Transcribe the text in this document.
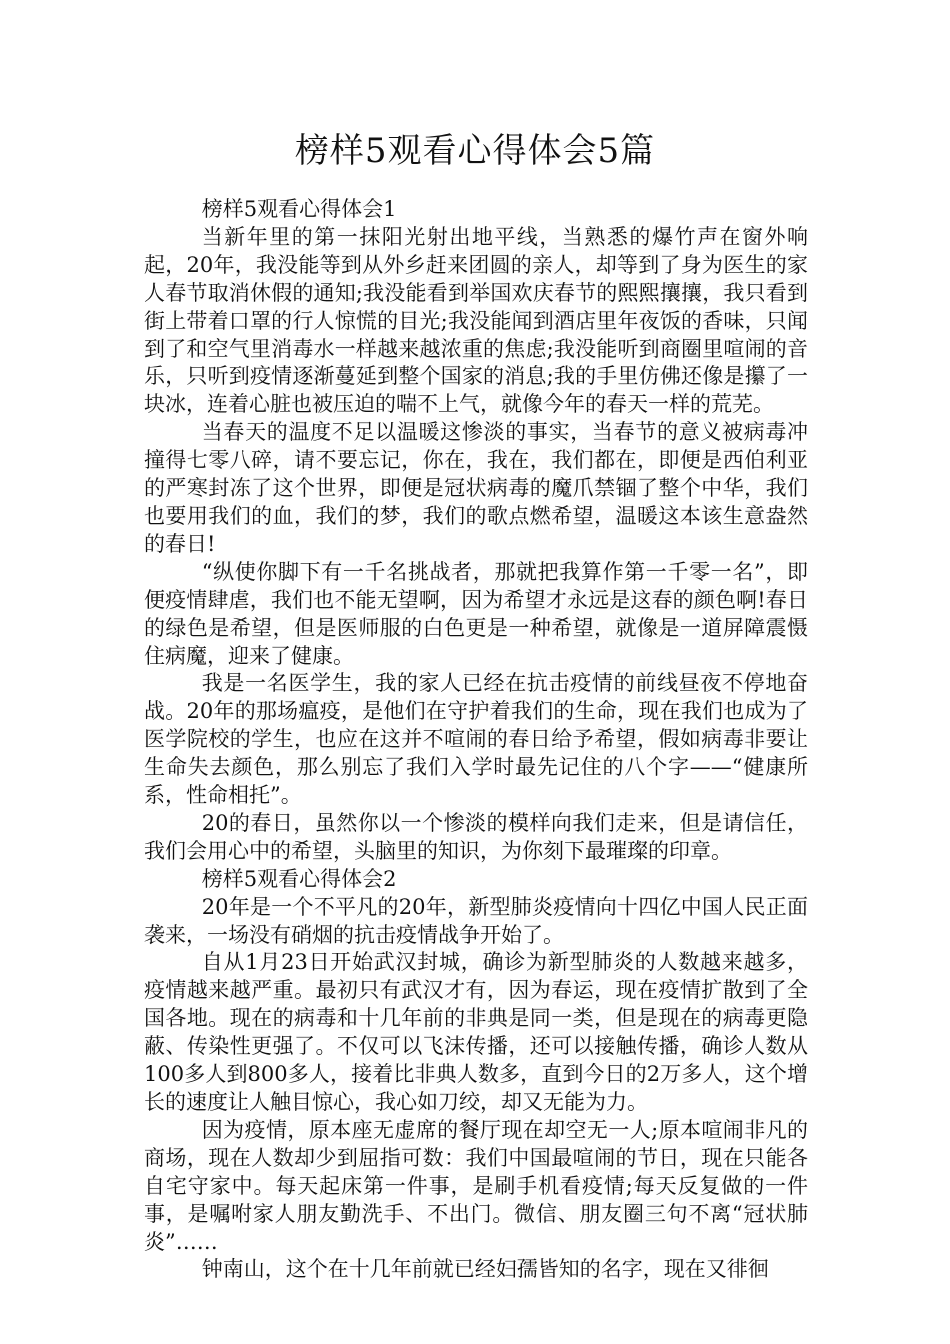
榜样5观看心得体会5篇

榜样5观看心得体会1

当新年里的第一抹阳光射出地平线，当熟悉的爆竹声在窗外响起，20年，我没能等到从外乡赶来团圆的亲人，却等到了身为医生的家人春节取消休假的通知;我没能看到举国欢庆春节的熙熙攘攘，我只看到街上带着口罩的行人惊慌的目光;我没能闻到酒店里年夜饭的香味，只闻到了和空气里消毒水一样越来越浓重的焦虑;我没能听到商圈里喧闹的音乐，只听到疫情逐渐蔓延到整个国家的消息;我的手里仿佛还像是攥了一块冰，连着心脏也被压迫的喘不上气，就像今年的春天一样的荒芜。

当春天的温度不足以温暖这惨淡的事实，当春节的意义被病毒冲撞得七零八碎，请不要忘记，你在，我在，我们都在，即便是西伯利亚的严寒封冻了这个世界，即便是冠状病毒的魔爪禁锢了整个中华，我们也要用我们的血，我们的梦，我们的歌点燃希望，温暖这本该生意盎然的春日!

“纵使你脚下有一千名挑战者，那就把我算作第一千零一名”，即便疫情肆虐，我们也不能无望啊，因为希望才永远是这春的颜色啊!春日的绿色是希望，但是医师服的白色更是一种希望，就像是一道屏障震慑住病魔，迎来了健康。

我是一名医学生，我的家人已经在抗击疫情的前线昼夜不停地奋战。20年的那场瘟疫，是他们在守护着我们的生命，现在我们也成为了医学院校的学生，也应在这并不喧闹的春日给予希望，假如病毒非要让生命失去颜色，那么别忘了我们入学时最先记住的八个字——“健康所系，性命相托”。

20的春日，虽然你以一个惨淡的模样向我们走来，但是请信任，我们会用心中的希望，头脑里的知识，为你刻下最璀璨的印章。

榜样5观看心得体会2

20年是一个不平凡的20年，新型肺炎疫情向十四亿中国人民正面袭来，一场没有硝烟的抗击疫情战争开始了。

自从1月23日开始武汉封城，确诊为新型肺炎的人数越来越多，疫情越来越严重。最初只有武汉才有，因为春运，现在疫情扩散到了全国各地。现在的病毒和十几年前的非典是同一类，但是现在的病毒更隐蔽、传染性更强了。不仅可以飞沫传播，还可以接触传播，确诊人数从100多人到800多人，接着比非典人数多，直到今日的2万多人，这个增长的速度让人触目惊心，我心如刀绞，却又无能为力。

因为疫情，原本座无虚席的餐厅现在却空无一人;原本喧闹非凡的商场，现在人数却少到屈指可数：我们中国最喧闹的节日，现在只能各自宅守家中。每天起床第一件事，是刷手机看疫情;每天反复做的一件事，是嘱咐家人朋友勤洗手、不出门。微信、朋友圈三句不离“冠状肺炎”……

钟南山，这个在十几年前就已经妇孺皆知的名字，现在又徘徊
